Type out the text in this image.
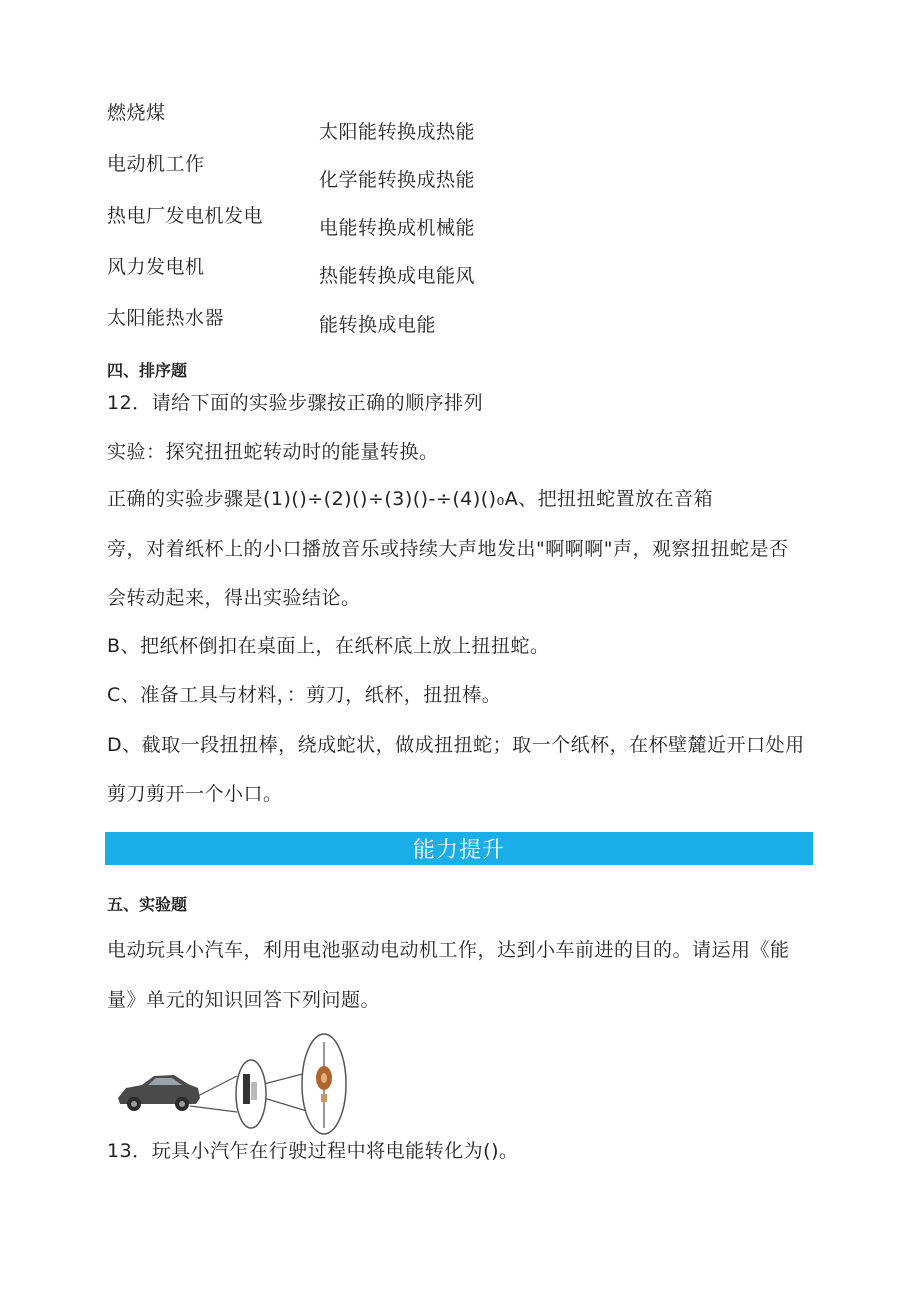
燃烧煤
电动机工作
热电厂发电机发电
风力发电机
太阳能热水器
太阳能转换成热能
化学能转换成热能
电能转换成机械能
热能转换成电能风
能转换成电能
四、排序题
12．请给下面的实验步骤按正确的顺序排列
实验：探究扭扭蛇转动时的能量转换。
正确的实验步骤是(1)()÷(2)()÷(3)()-÷(4)()₀A、把扭扭蛇置放在音箱
旁，对着纸杯上的小口播放音乐或持续大声地发出"啊啊啊"声，观察扭扭蛇是否
会转动起来，得出实验结论。
B、把纸杯倒扣在桌面上，在纸杯底上放上扭扭蛇。
C、准备工具与材料，：剪刀，纸杯，扭扭棒。
D、截取一段扭扭棒，绕成蛇状，做成扭扭蛇；取一个纸杯，在杯壁麓近开口处用
剪刀剪开一个小口。
能力提升
五、实验题
电动玩具小汽车，利用电池驱动电动机工作，达到小车前进的目的。请运用《能
量》单元的知识回答下列问题。
13．玩具小汽乍在行驶过程中将电能转化为()。
